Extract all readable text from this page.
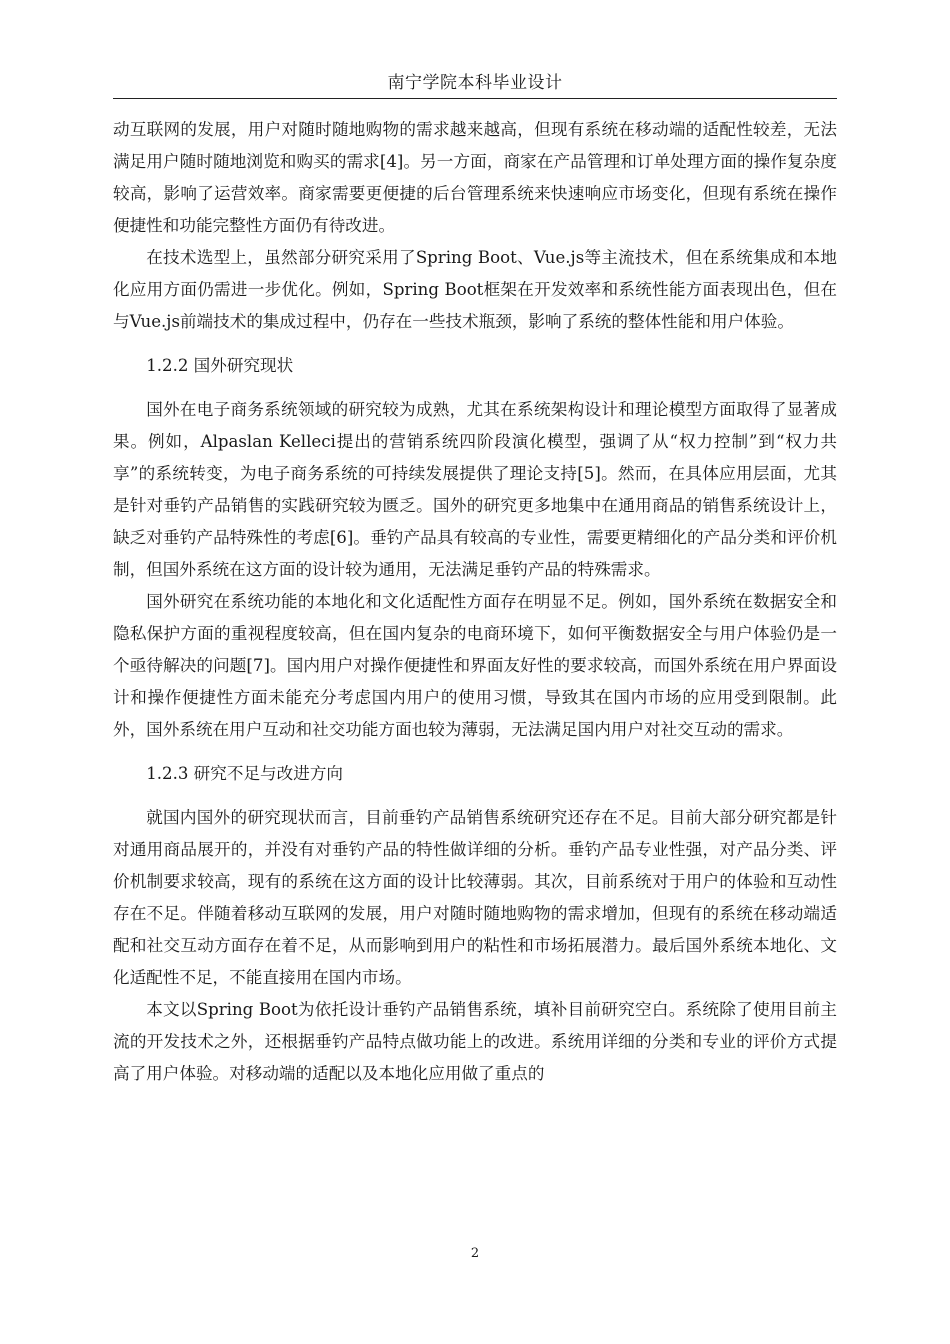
南宁学院本科毕业设计

动互联网的发展，用户对随时随地购物的需求越来越高，但现有系统在移动端的适配性较差，无法满足用户随时随地浏览和购买的需求[4]。另一方面，商家在产品管理和订单处理方面的操作复杂度较高，影响了运营效率。商家需要更便捷的后台管理系统来快速响应市场变化，但现有系统在操作便捷性和功能完整性方面仍有待改进。

在技术选型上，虽然部分研究采用了Spring Boot、Vue.js等主流技术，但在系统集成和本地化应用方面仍需进一步优化。例如，Spring Boot框架在开发效率和系统性能方面表现出色，但在与Vue.js前端技术的集成过程中，仍存在一些技术瓶颈，影响了系统的整体性能和用户体验。

1.2.2 国外研究现状

国外在电子商务系统领域的研究较为成熟，尤其在系统架构设计和理论模型方面取得了显著成果。例如，Alpaslan Kelleci提出的营销系统四阶段演化模型，强调了从“权力控制”到“权力共享”的系统转变，为电子商务系统的可持续发展提供了理论支持[5]。然而，在具体应用层面，尤其是针对垂钓产品销售的实践研究较为匮乏。国外的研究更多地集中在通用商品的销售系统设计上，缺乏对垂钓产品特殊性的考虑[6]。垂钓产品具有较高的专业性，需要更精细化的产品分类和评价机制，但国外系统在这方面的设计较为通用，无法满足垂钓产品的特殊需求。

国外研究在系统功能的本地化和文化适配性方面存在明显不足。例如，国外系统在数据安全和隐私保护方面的重视程度较高，但在国内复杂的电商环境下，如何平衡数据安全与用户体验仍是一个亟待解决的问题[7]。国内用户对操作便捷性和界面友好性的要求较高，而国外系统在用户界面设计和操作便捷性方面未能充分考虑国内用户的使用习惯，导致其在国内市场的应用受到限制。此外，国外系统在用户互动和社交功能方面也较为薄弱，无法满足国内用户对社交互动的需求。

1.2.3 研究不足与改进方向

就国内国外的研究现状而言，目前垂钓产品销售系统研究还存在不足。目前大部分研究都是针对通用商品展开的，并没有对垂钓产品的特性做详细的分析。垂钓产品专业性强，对产品分类、评价机制要求较高，现有的系统在这方面的设计比较薄弱。其次，目前系统对于用户的体验和互动性存在不足。伴随着移动互联网的发展，用户对随时随地购物的需求增加，但现有的系统在移动端适配和社交互动方面存在着不足，从而影响到用户的粘性和市场拓展潜力。最后国外系统本地化、文化适配性不足，不能直接用在国内市场。

本文以Spring Boot为依托设计垂钓产品销售系统，填补目前研究空白。系统除了使用目前主流的开发技术之外，还根据垂钓产品特点做功能上的改进。系统用详细的分类和专业的评价方式提高了用户体验。对移动端的适配以及本地化应用做了重点的

2
